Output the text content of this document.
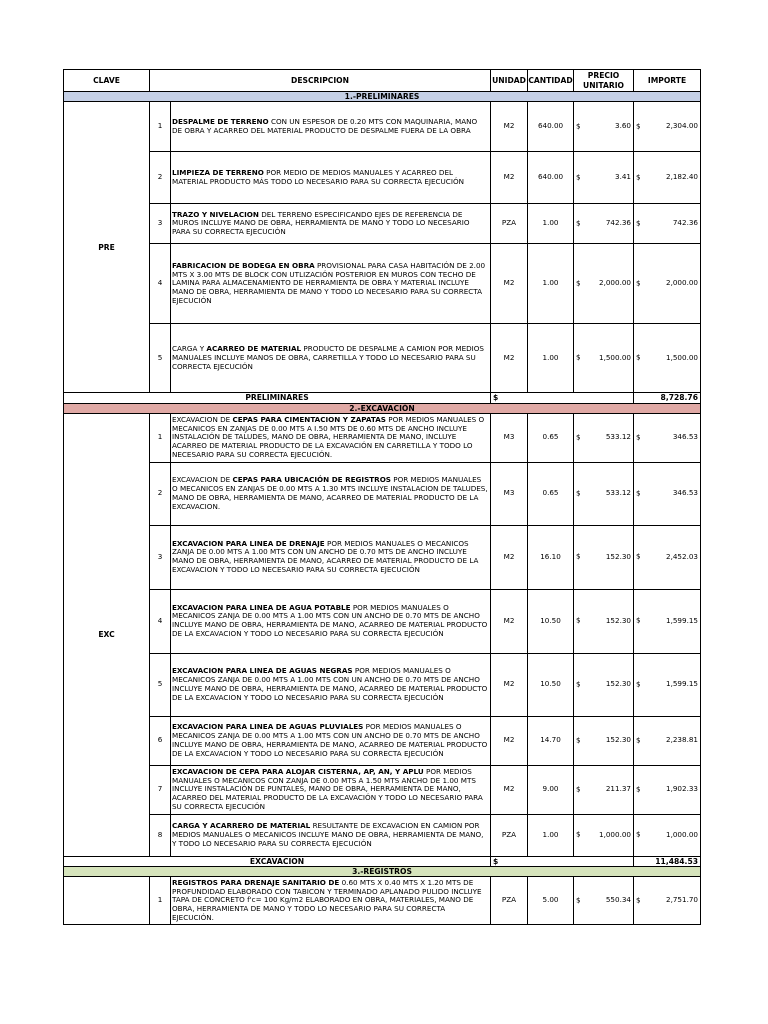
CLAVE	DESCRIPCION		UNIDAD	CANTIDAD	PRECIO UNITARIO	IMPORTE
1.-PRELIMINARES						
PRE	1	DESPALME DE TERRENO CON UN ESPESOR DE 0.20 MTS CON MAQUINARIA, MANO DE OBRA Y ACARREO DEL MATERIAL PRODUCTO DE DESPALME FUERA DE LA OBRA	M2	640.00	$ 3.60	$ 2,304.00
	2	LIMPIEZA DE TERRENO POR MEDIO DE MEDIOS MANUALES Y ACARREO DEL MATERIAL PRODUCTO MÁS TODO LO NECESARIO PARA SU CORRECTA EJECUCIÓN	M2	640.00	$ 3.41	$ 2,182.40
	3	TRAZO Y NIVELACION DEL TERRENO ESPECIFICANDO EJES DE REFERENCIA DE MUROS INCLUYE MANO DE OBRA, HERRAMIENTA DE MANO Y TODO LO NECESARIO PARA SU CORRECTA EJECUCIÓN	PZA	1.00	$ 742.36	$ 742.36
	4	FABRICACION DE BODEGA EN OBRA PROVISIONAL PARA CASA HABITACIÓN DE 2.00 MTS X 3.00 MTS DE BLOCK CON UTLIZACIÓN POSTERIOR EN MUROS CON TECHO DE LAMINA PARA ALMACENAMIENTO DE HERRAMIENTA DE OBRA Y MATERIAL INCLUYE MANO DE OBRA, HERRAMIENTA DE MANO Y TODO LO NECESARIO PARA SU CORRECTA EJECUCIÓN	M2	1.00	$ 2,000.00	$ 2,000.00
	5	CARGA Y ACARREO DE MATERIAL PRODUCTO DE DESPALME A CAMION POR MEDIOS MANUALES INCLUYE MANOS DE OBRA, CARRETILLA Y TODO LO NECESARIO PARA SU CORRECTA EJECUCIÓN	M2	1.00	$ 1,500.00	$ 1,500.00
PRELIMINARES			$			8,728.76
2.-EXCAVACIÓN						
EXC	1	EXCAVACION DE CEPAS PARA CIMENTACION Y ZAPATAS POR MEDIOS MANUALES O MECANICOS EN ZANJAS DE 0.00 MTS A I.50 MTS DE 0.60 MTS DE ANCHO INCLUYE INSTALACIÓN DE TALUDES, MANO DE OBRA, HERRAMIENTA DE MANO, INCLUYE ACARREO DE MATERIAL PRODUCTO DE LA EXCAVACIÓN EN CARRETILLA Y TODO LO NECESARIO PARA SU CORRECTA EJECUCIÓN.	M3	0.65	$ 533.12	$ 346.53
	2	EXCAVACION DE CEPAS PARA UBICACIÓN DE REGISTROS POR MEDIOS MANUALES O MECANICOS EN ZANJAS DE 0.00 MTS A 1.30 MTS INCLUYE INSTALACION DE TALUDES, MANO DE OBRA, HERRAMIENTA DE MANO, ACARREO DE MATERIAL PRODUCTO DE LA EXCAVACION.	M3	0.65	$ 533.12	$ 346.53
	3	EXCAVACION PARA LINEA DE DRENAJE POR MEDIOS MANUALES O MECANICOS ZANJA DE 0.00 MTS A 1.00 MTS CON UN ANCHO DE 0.70 MTS DE ANCHO INCLUYE MANO DE OBRA, HERRAMIENTA DE MANO, ACARREO DE MATERIAL PRODUCTO DE LA EXCAVACION Y TODO LO NECESARIO PARA SU CORRECTA EJECUCIÓN	M2	16.10	$ 152.30	$ 2,452.03
	4	EXCAVACION PARA LINEA DE AGUA POTABLE POR MEDIOS MANUALES O MECANICOS ZANJA DE 0.00 MTS A 1.00 MTS CON UN ANCHO DE 0.70 MTS DE ANCHO INCLUYE MANO DE OBRA, HERRAMIENTA DE MANO, ACARREO DE MATERIAL PRODUCTO DE LA EXCAVACION Y TODO LO NECESARIO PARA SU CORRECTA EJECUCIÓN	M2	10.50	$ 152.30	$ 1,599.15
	5	EXCAVACION PARA LINEA DE AGUAS NEGRAS POR MEDIOS MANUALES O MECANICOS ZANJA DE 0.00 MTS A 1.00 MTS CON UN ANCHO DE 0.70 MTS DE ANCHO INCLUYE MANO DE OBRA, HERRAMIENTA DE MANO, ACARREO DE MATERIAL PRODUCTO DE LA EXCAVACION Y TODO LO NECESARIO PARA SU CORRECTA EJECUCIÓN	M2	10.50	$ 152.30	$ 1,599.15
	6	EXCAVACION PARA LINEA DE AGUAS PLUVIALES POR MEDIOS MANUALES O MECANICOS ZANJA DE 0.00 MTS A 1.00 MTS CON UN ANCHO DE 0.70 MTS DE ANCHO INCLUYE MANO DE OBRA, HERRAMIENTA DE MANO, ACARREO DE MATERIAL PRODUCTO DE LA EXCAVACION Y TODO LO NECESARIO PARA SU CORRECTA EJECUCIÓN	M2	14.70	$ 152.30	$ 2,238.81
	7	EXCAVACION DE CEPA PARA ALOJAR CISTERNA, AP, AN, Y APLU POR MEDIOS MANUALES O MECANICOS CON ZANJA DE 0.00 MTS A 1.50 MTS ANCHO DE 1.00 MTS INCLUYE INSTALACIÓN DE PUNTALES, MANO DE OBRA, HERRAMIENTA DE MANO, ACARREO DEL MATERIAL PRODUCTO DE LA EXCAVACIÓN Y TODO LO NECESARIO PARA SU CORRECTA EJECUCIÓN	M2	9.00	$ 211.37	$ 1,902.33
	8	CARGA Y ACARRERO DE MATERIAL RESULTANTE DE EXCAVACION EN CAMION POR MEDIOS MANUALES O MECANICOS INCLUYE MANO DE OBRA, HERRAMIENTA DE MANO, Y TODO LO NECESARIO PARA SU CORRECTA EJECUCIÓN	PZA	1.00	$ 1,000.00	$ 1,000.00
EXCAVACION			$			11,484.53
3.-REGISTROS						
	1	REGISTROS PARA DRENAJE SANITARIO DE 0.60 MTS X 0.40 MTS X 1.20 MTS DE PROFUNDIDAD ELABORADO CON TABICON Y TERMINADO APLANADO PULIDO INCLUYE TAPA DE CONCRETO f'c= 100 Kg/m2 ELABORADO EN OBRA, MATERIALES, MANO DE OBRA, HERRAMIENTA DE MANO Y TODO LO NECESARIO PARA SU CORRECTA EJECUCIÓN.	PZA	5.00	$ 550.34	$ 2,751.70
